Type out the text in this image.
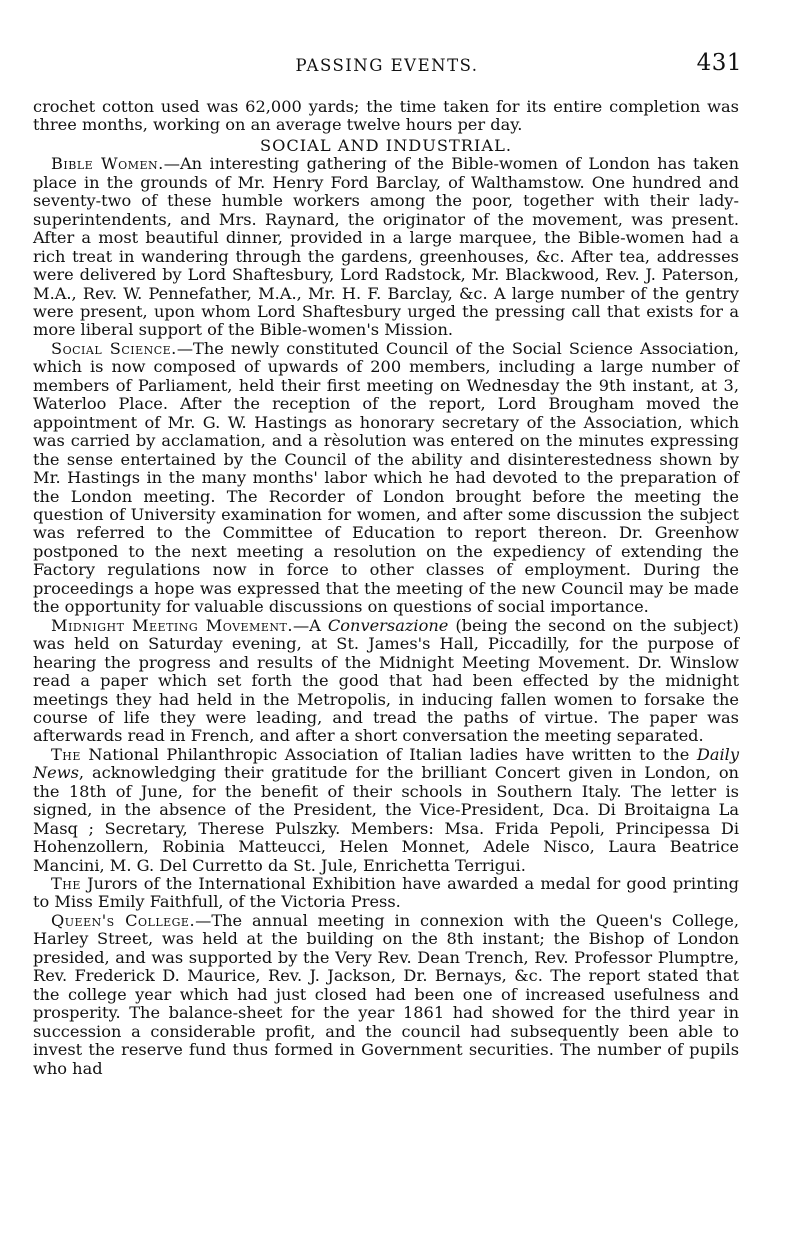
PASSING EVENTS.	431

crochet cotton used was 62,000 yards; the time taken for its entire completion was three months, working on an average twelve hours per day.

SOCIAL AND INDUSTRIAL.

Bible Women.—An interesting gathering of the Bible-women of London has taken place in the grounds of Mr. Henry Ford Barclay, of Walthamstow. One hundred and seventy-two of these humble workers among the poor, together with their lady-superintendents, and Mrs. Raynard, the originator of the movement, was present. After a most beautiful dinner, provided in a large marquee, the Bible-women had a rich treat in wandering through the gardens, greenhouses, &c. After tea, addresses were delivered by Lord Shaftesbury, Lord Radstock, Mr. Blackwood, Rev. J. Paterson, M.A., Rev. W. Pennefather, M.A., Mr. H. F. Barclay, &c. A large number of the gentry were present, upon whom Lord Shaftesbury urged the pressing call that exists for a more liberal support of the Bible-women's Mission.

Social Science.—The newly constituted Council of the Social Science Association, which is now composed of upwards of 200 members, including a large number of members of Parliament, held their first meeting on Wednesday the 9th instant, at 3, Waterloo Place. After the reception of the report, Lord Brougham moved the appointment of Mr. G. W. Hastings as honorary secretary of the Association, which was carried by acclamation, and a rèsolution was entered on the minutes expressing the sense entertained by the Council of the ability and disinterestedness shown by Mr. Hastings in the many months' labor which he had devoted to the preparation of the London meeting. The Recorder of London brought before the meeting the question of University examination for women, and after some discussion the subject was referred to the Committee of Education to report thereon. Dr. Greenhow postponed to the next meeting a resolution on the expediency of extending the Factory regulations now in force to other classes of employment. During the proceedings a hope was expressed that the meeting of the new Council may be made the opportunity for valuable discussions on questions of social importance.

Midnight Meeting Movement.—A Conversazione (being the second on the subject) was held on Saturday evening, at St. James's Hall, Piccadilly, for the purpose of hearing the progress and results of the Midnight Meeting Movement. Dr. Winslow read a paper which set forth the good that had been effected by the midnight meetings they had held in the Metropolis, in inducing fallen women to forsake the course of life they were leading, and tread the paths of virtue. The paper was afterwards read in French, and after a short conversation the meeting separated.

The National Philanthropic Association of Italian ladies have written to the Daily News, acknowledging their gratitude for the brilliant Concert given in London, on the 18th of June, for the benefit of their schools in Southern Italy. The letter is signed, in the absence of the President, the Vice-President, Dca. Di Broitaigna La Masq ; Secretary, Therese Pulszky. Members: Msa. Frida Pepoli, Principessa Di Hohenzollern, Robinia Matteucci, Helen Monnet, Adele Nisco, Laura Beatrice Mancini, M. G. Del Curretto da St. Jule, Enrichetta Terrigui.

The Jurors of the International Exhibition have awarded a medal for good printing to Miss Emily Faithfull, of the Victoria Press.

Queen's College.—The annual meeting in connexion with the Queen's College, Harley Street, was held at the building on the 8th instant; the Bishop of London presided, and was supported by the Very Rev. Dean Trench, Rev. Professor Plumptre, Rev. Frederick D. Maurice, Rev. J. Jackson, Dr. Bernays, &c. The report stated that the college year which had just closed had been one of increased usefulness and prosperity. The balance-sheet for the year 1861 had showed for the third year in succession a considerable profit, and the council had subsequently been able to invest the reserve fund thus formed in Government securities. The number of pupils who had
